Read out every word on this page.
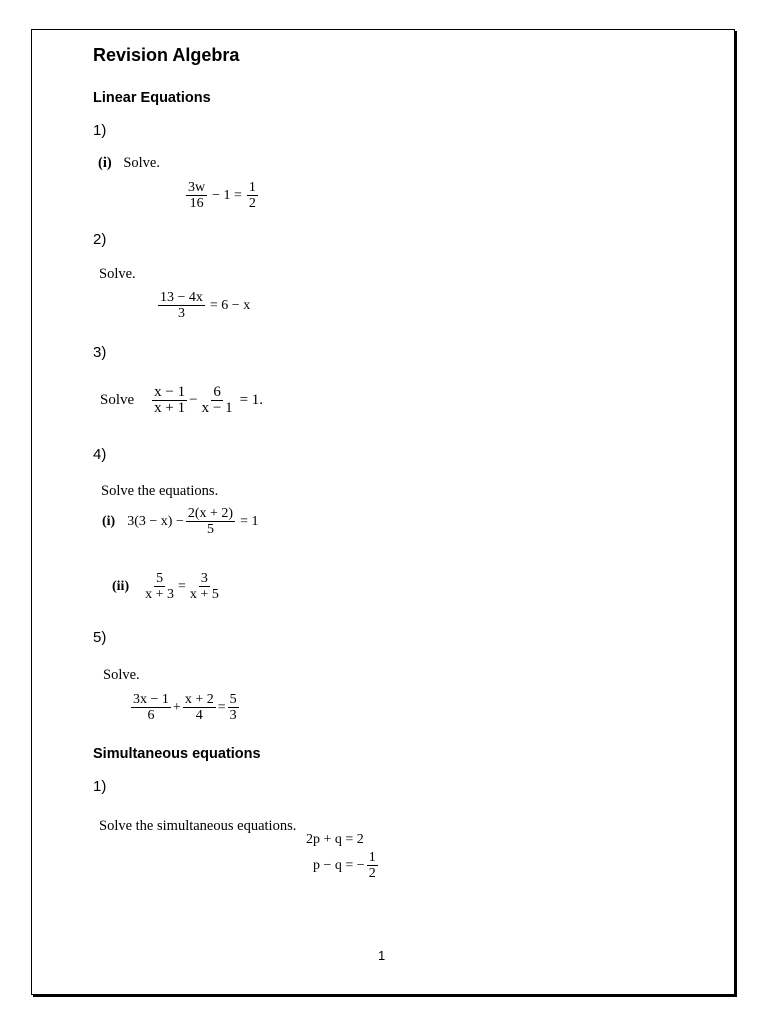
Revision Algebra
Linear Equations
1)
(i) Solve.
$\frac{3w}{16} - 1 = \frac{1}{2}$
2)
Solve.
$\frac{13 - 4x}{3} = 6 - x$
3)
Solve $\frac{x - 1}{x + 1} - \frac{6}{x - 1} = 1$.
4)
Solve the equations.
(i) $3(3 - x) - \frac{2(x + 2)}{5} = 1$
$(ii) \frac{5}{x + 3} = \frac{3}{x + 5}$
5)
Solve.
$\frac{3x - 1}{6} + \frac{x + 2}{4} = \frac{5}{3}$
Simultaneous equations
1)
Solve the simultaneous equations.
2p + q = 2
p − q = − $\frac{1}{2}$
1
